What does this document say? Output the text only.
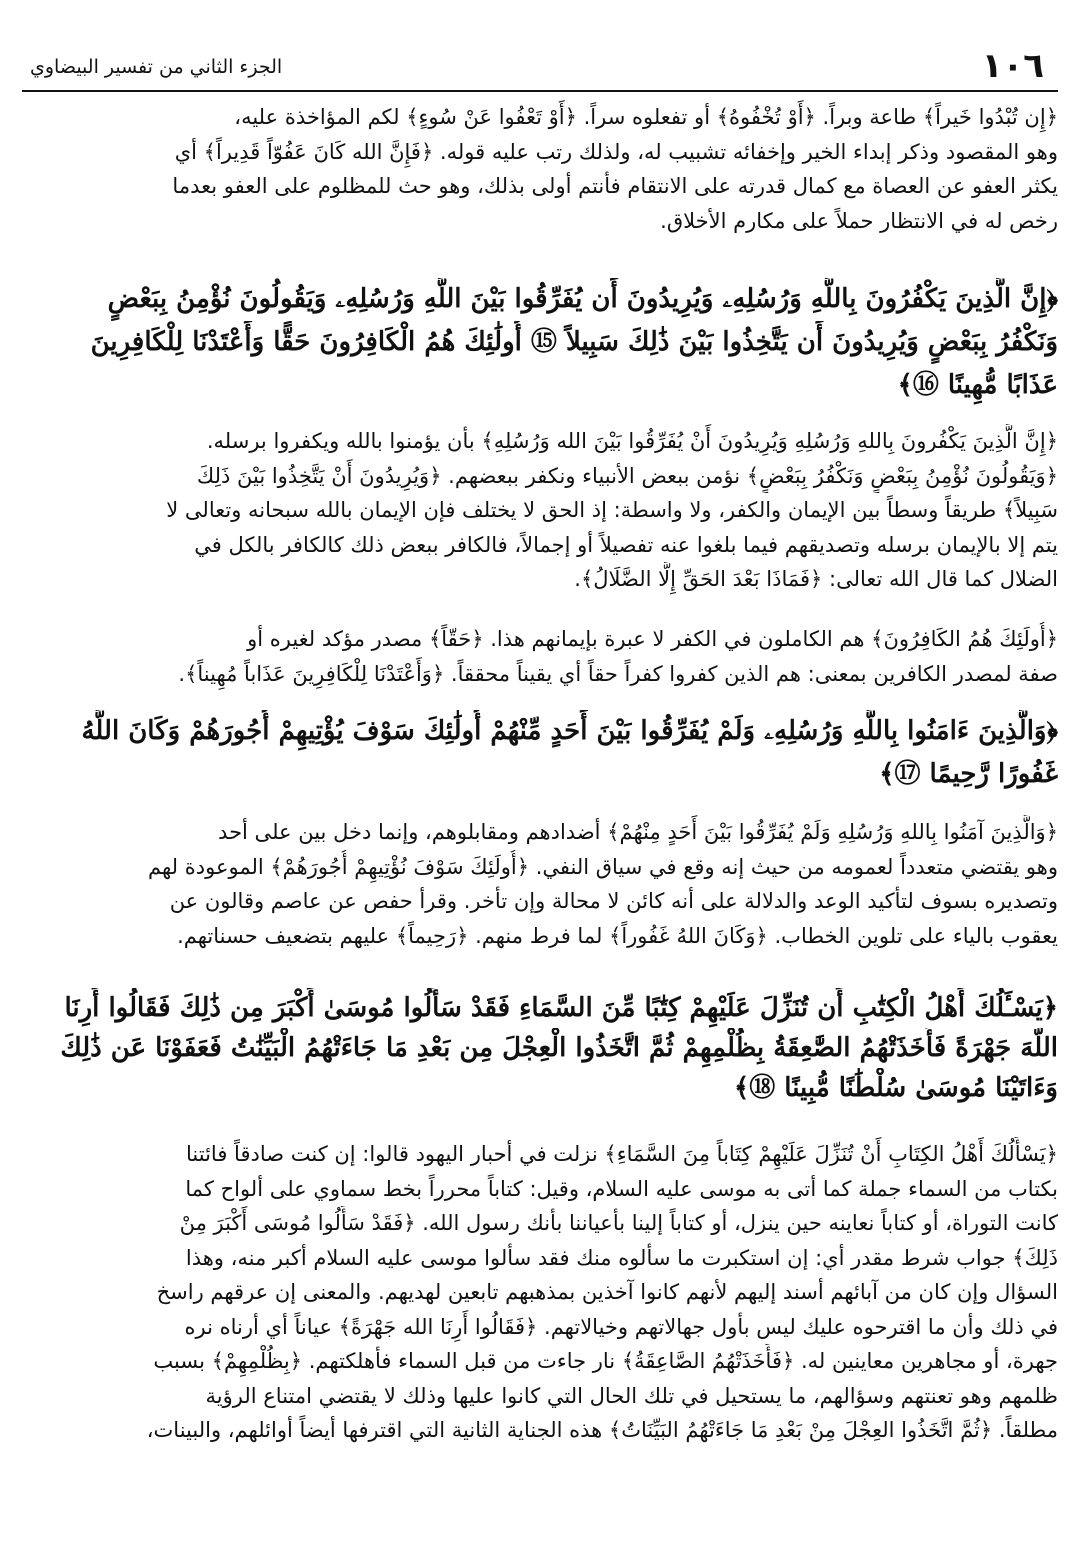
١٠٦
الجزء الثاني من تفسير البيضاوي
﴿إِن تُبْدُوا خَيراً﴾ طاعة وبراً. ﴿أَوْ تُخْفُوهُ﴾ أو تفعلوه سراً. ﴿أَوْ تَعْفُوا عَنْ سُوءٍ﴾ لكم المؤاخذة عليه،
وهو المقصود وذكر إبداء الخير وإخفائه تشبيب له، ولذلك رتب عليه قوله. ﴿فَإِنَّ الله كَانَ عَفُوّاً قَدِيراً﴾ أي
يكثر العفو عن العصاة مع كمال قدرته على الانتقام فأنتم أولى بذلك، وهو حث للمظلوم على العفو بعدما
رخص له في الانتظار حملاً على مكارم الأخلاق.
﴿إِنَّ الَّذِينَ يَكْفُرُونَ بِاللَّهِ وَرُسُلِهِۦ وَيُرِيدُونَ أَن يُفَرِّقُوا بَيْنَ اللَّهِ وَرُسُلِهِۦ وَيَقُولُونَ نُؤْمِنُ بِبَعْضٍ
وَنَكْفُرُ بِبَعْضٍ وَيُرِيدُونَ أَن يَتَّخِذُوا بَيْنَ ذَٰلِكَ سَبِيلاً ⑮ أُولَٰئِكَ هُمُ الْكَافِرُونَ حَقًّا وَأَعْتَدْنَا لِلْكَافِرِينَ
عَذَابًا مُّهِينًا ⑯﴾
﴿إِنَّ الَّذِينَ يَكْفُرونَ بِاللهِ وَرُسُلِهِ وَيُرِيدُونَ أَنْ يُفَرِّقُوا بَيْنَ الله وَرُسُلِهِ﴾ بأن يؤمنوا بالله ويكفروا برسله.
﴿وَيَقُولُونَ نُؤْمِنُ بِبَعْضٍ وَنَكْفُرُ بِبَعْضٍ﴾ نؤمن ببعض الأنبياء ونكفر ببعضهم. ﴿وَيُرِيدُونَ أَنْ يَتَّخِذُوا بَيْنَ ذَلِكَ
سَبِيلاً﴾ طريقاً وسطاً بين الإيمان والكفر، ولا واسطة: إذ الحق لا يختلف فإن الإيمان بالله سبحانه وتعالى لا
يتم إلا بالإيمان برسله وتصديقهم فيما بلغوا عنه تفصيلاً أو إجمالاً، فالكافر ببعض ذلك كالكافر بالكل في
الضلال كما قال الله تعالى: ﴿فَمَاذَا بَعْدَ الحَقِّ إِلَّا الضَّلَالُ﴾.
﴿أُولَئِكَ هُمُ الكَافِرُونَ﴾ هم الكاملون في الكفر لا عبرة بإيمانهم هذا. ﴿حَقّاً﴾ مصدر مؤكد لغيره أو
صفة لمصدر الكافرين بمعنى: هم الذين كفروا كفراً حقاً أي يقيناً محققاً. ﴿وَأَعْتَدْنَا لِلْكَافِرِينَ عَذَاباً مُهِيناً﴾.
﴿وَالَّذِينَ ءَامَنُوا بِاللَّهِ وَرُسُلِهِۦ وَلَمْ يُفَرِّقُوا بَيْنَ أَحَدٍ مِّنْهُمْ أُولَٰئِكَ سَوْفَ يُؤْتِيهِمْ أُجُورَهُمْ وَكَانَ اللَّهُ
غَفُورًا رَّحِيمًا ⑰﴾
﴿وَالَّذِينَ آمَنُوا بِاللهِ وَرُسُلِهِ وَلَمْ يُفَرِّقُوا بَيْنَ أَحَدٍ مِنْهُمْ﴾ أضدادهم ومقابلوهم، وإنما دخل بين على أحد
وهو يقتضي متعدداً لعمومه من حيث إنه وقع في سياق النفي. ﴿أُولَئِكَ سَوْفَ نُؤْتِيهِمْ أُجُورَهُمْ﴾ الموعودة لهم
وتصديره بسوف لتأكيد الوعد والدلالة على أنه كائن لا محالة وإن تأخر. وقرأ حفص عن عاصم وقالون عن
يعقوب بالياء على تلوين الخطاب. ﴿وَكَانَ اللهُ غَفُوراً﴾ لما فرط منهم. ﴿رَحِيماً﴾ عليهم بتضعيف حسناتهم.
﴿يَسْـَٔلُكَ أَهْلُ الْكِتَٰبِ أَن تُنَزِّلَ عَلَيْهِمْ كِتَٰبًا مِّنَ السَّمَاءِ فَقَدْ سَأَلُوا مُوسَىٰ أَكْبَرَ مِن ذَٰلِكَ فَقَالُوا أَرِنَا
اللَّهَ جَهْرَةً فَأَخَذَتْهُمُ الصَّٰعِقَةُ بِظُلْمِهِمْ ثُمَّ اتَّخَذُوا الْعِجْلَ مِن بَعْدِ مَا جَاءَتْهُمُ الْبَيِّنَٰتُ فَعَفَوْنَا عَن ذَٰلِكَ
وَءَاتَيْنَا مُوسَىٰ سُلْطَٰنًا مُّبِينًا ⑱﴾
﴿يَسْأَلُكَ أَهْلُ الكِتَابِ أَنْ تُنَزِّلَ عَلَيْهِمْ كِتَاباً مِنَ السَّمَاءِ﴾ نزلت في أحبار اليهود قالوا: إن كنت صادقاً فائتنا
بكتاب من السماء جملة كما أتى به موسى عليه السلام، وقيل: كتاباً محرراً بخط سماوي على ألواح كما
كانت التوراة، أو كتاباً نعاينه حين ينزل، أو كتاباً إلينا بأعياننا بأنك رسول الله. ﴿فَقَدْ سَأَلُوا مُوسَى أَكْبَرَ مِنْ
ذَلِكَ﴾ جواب شرط مقدر أي: إن استكبرت ما سألوه منك فقد سألوا موسى عليه السلام أكبر منه، وهذا
السؤال وإن كان من آبائهم أسند إليهم لأنهم كانوا آخذين بمذهبهم تابعين لهديهم. والمعنى إن عرقهم راسخ
في ذلك وأن ما اقترحوه عليك ليس بأول جهالاتهم وخيالاتهم. ﴿فَقَالُوا أَرِنَا الله جَهْرَةً﴾ عياناً أي أرناه نره
جهرة، أو مجاهرين معاينين له. ﴿فَأَخَذَتْهُمُ الصَّاعِقَةُ﴾ نار جاءت من قبل السماء فأهلكتهم. ﴿بِظُلْمِهِمْ﴾ بسبب
ظلمهم وهو تعنتهم وسؤالهم، ما يستحيل في تلك الحال التي كانوا عليها وذلك لا يقتضي امتناع الرؤية
مطلقاً. ﴿ثُمَّ اتَّخَذُوا العِجْلَ مِنْ بَعْدِ مَا جَاءَتْهُمُ البَيِّنَاتُ﴾ هذه الجناية الثانية التي اقترفها أيضاً أوائلهم، والبينات،
